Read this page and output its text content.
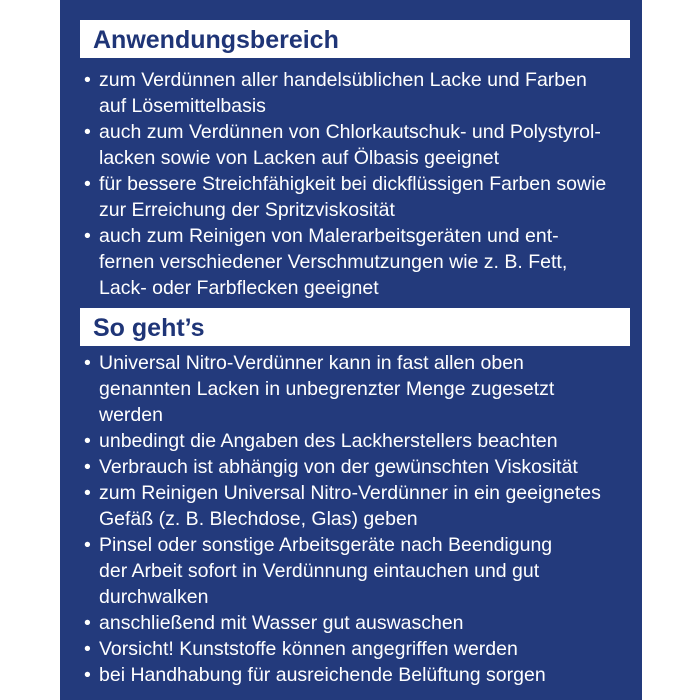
Anwendungsbereich
• zum Verdünnen aller handelsüblichen Lacke und Farben
auf Lösemittelbasis
• auch zum Verdünnen von Chlorkautschuk- und Polystyrol-
lacken sowie von Lacken auf Ölbasis geeignet
• für bessere Streichfähigkeit bei dickflüssigen Farben sowie
zur Erreichung der Spritzviskosität
• auch zum Reinigen von Malerarbeitsgeräten und ent-
fernen verschiedener Verschmutzungen wie z. B. Fett,
Lack- oder Farbflecken geeignet
So geht’s
• Universal Nitro-Verdünner kann in fast allen oben
genannten Lacken in unbegrenzter Menge zugesetzt
werden
• unbedingt die Angaben des Lackherstellers beachten
• Verbrauch ist abhängig von der gewünschten Viskosität
• zum Reinigen Universal Nitro-Verdünner in ein geeignetes
Gefäß (z. B. Blechdose, Glas) geben
• Pinsel oder sonstige Arbeitsgeräte nach Beendigung
der Arbeit sofort in Verdünnung eintauchen und gut
durchwalken
• anschließend mit Wasser gut auswaschen
• Vorsicht! Kunststoffe können angegriffen werden
• bei Handhabung für ausreichende Belüftung sorgen
